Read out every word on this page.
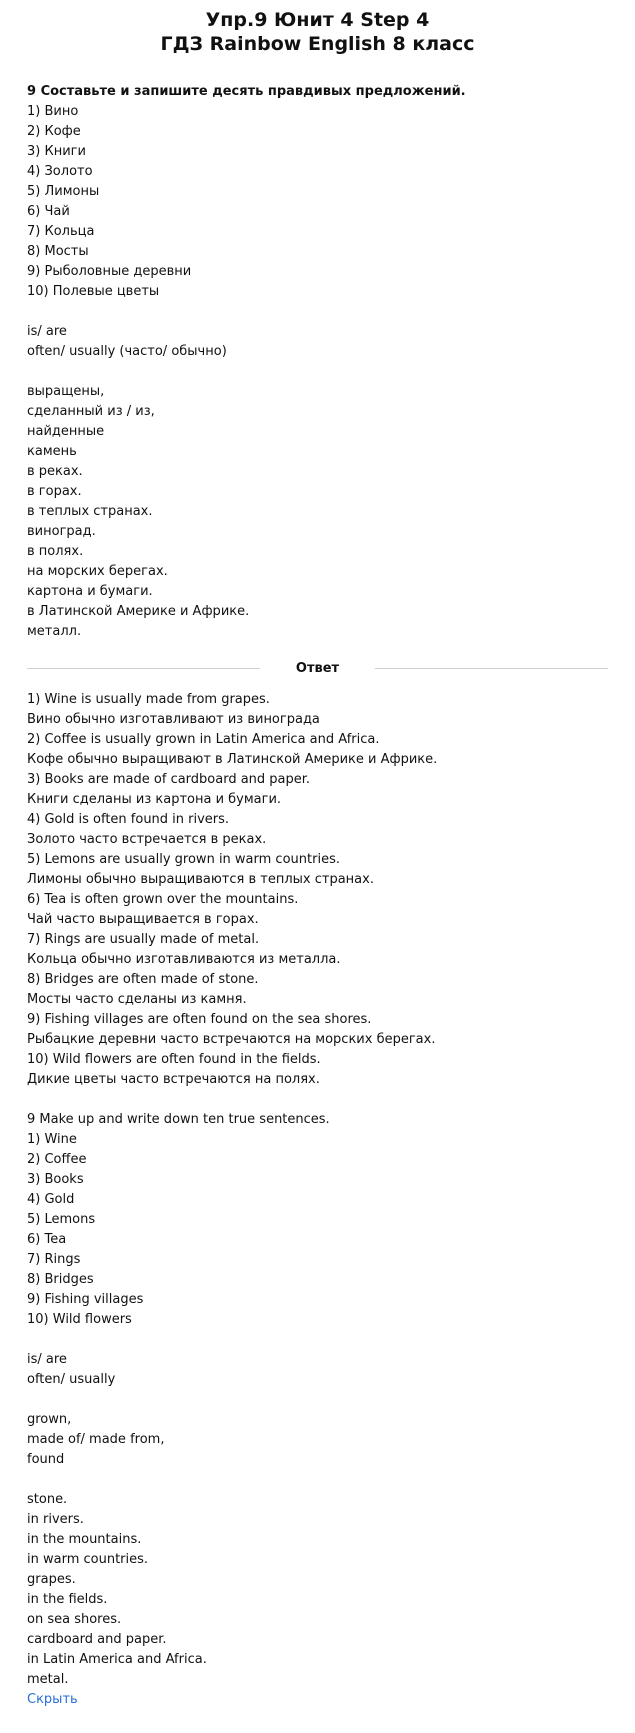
Упр.9 Юнит 4 Step 4
ГДЗ Rainbow English 8 класс
9 Составьте и запишите десять правдивых предложений.
1) Вино
2) Кофе
3) Книги
4) Золото
5) Лимоны
6) Чай
7) Кольца
8) Мосты
9) Рыболовные деревни
10) Полевые цветы
is/ are
often/ usually (часто/ обычно)
выращены,
сделанный из / из,
найденные
камень
в реках.
в горах.
в теплых странах.
виноград.
в полях.
на морских берегах.
картона и бумаги.
в Латинской Америке и Африке.
металл.
Ответ
1) Wine is usually made from grapes.
Вино обычно изготавливают из винограда
2) Coffee is usually grown in Latin America and Africa.
Кофе обычно выращивают в Латинской Америке и Африке.
3) Books are made of cardboard and paper.
Книги сделаны из картона и бумаги.
4) Gold is often found in rivers.
Золото часто встречается в реках.
5) Lemons are usually grown in warm countries.
Лимоны обычно выращиваются в теплых странах.
6) Tea is often grown over the mountains.
Чай часто выращивается в горах.
7) Rings are usually made of metal.
Кольца обычно изготавливаются из металла.
8) Bridges are often made of stone.
Мосты часто сделаны из камня.
9) Fishing villages are often found on the sea shores.
Рыбацкие деревни часто встречаются на морских берегах.
10) Wild flowers are often found in the fields.
Дикие цветы часто встречаются на полях.
9 Make up and write down ten true sentences.
1) Wine
2) Coffee
3) Books
4) Gold
5) Lemons
6) Tea
7) Rings
8) Bridges
9) Fishing villages
10) Wild flowers
is/ are
often/ usually
grown,
made of/ made from,
found
stone.
in rivers.
in the mountains.
in warm countries.
grapes.
in the fields.
on sea shores.
cardboard and paper.
in Latin America and Africa.
metal.
Скрыть
